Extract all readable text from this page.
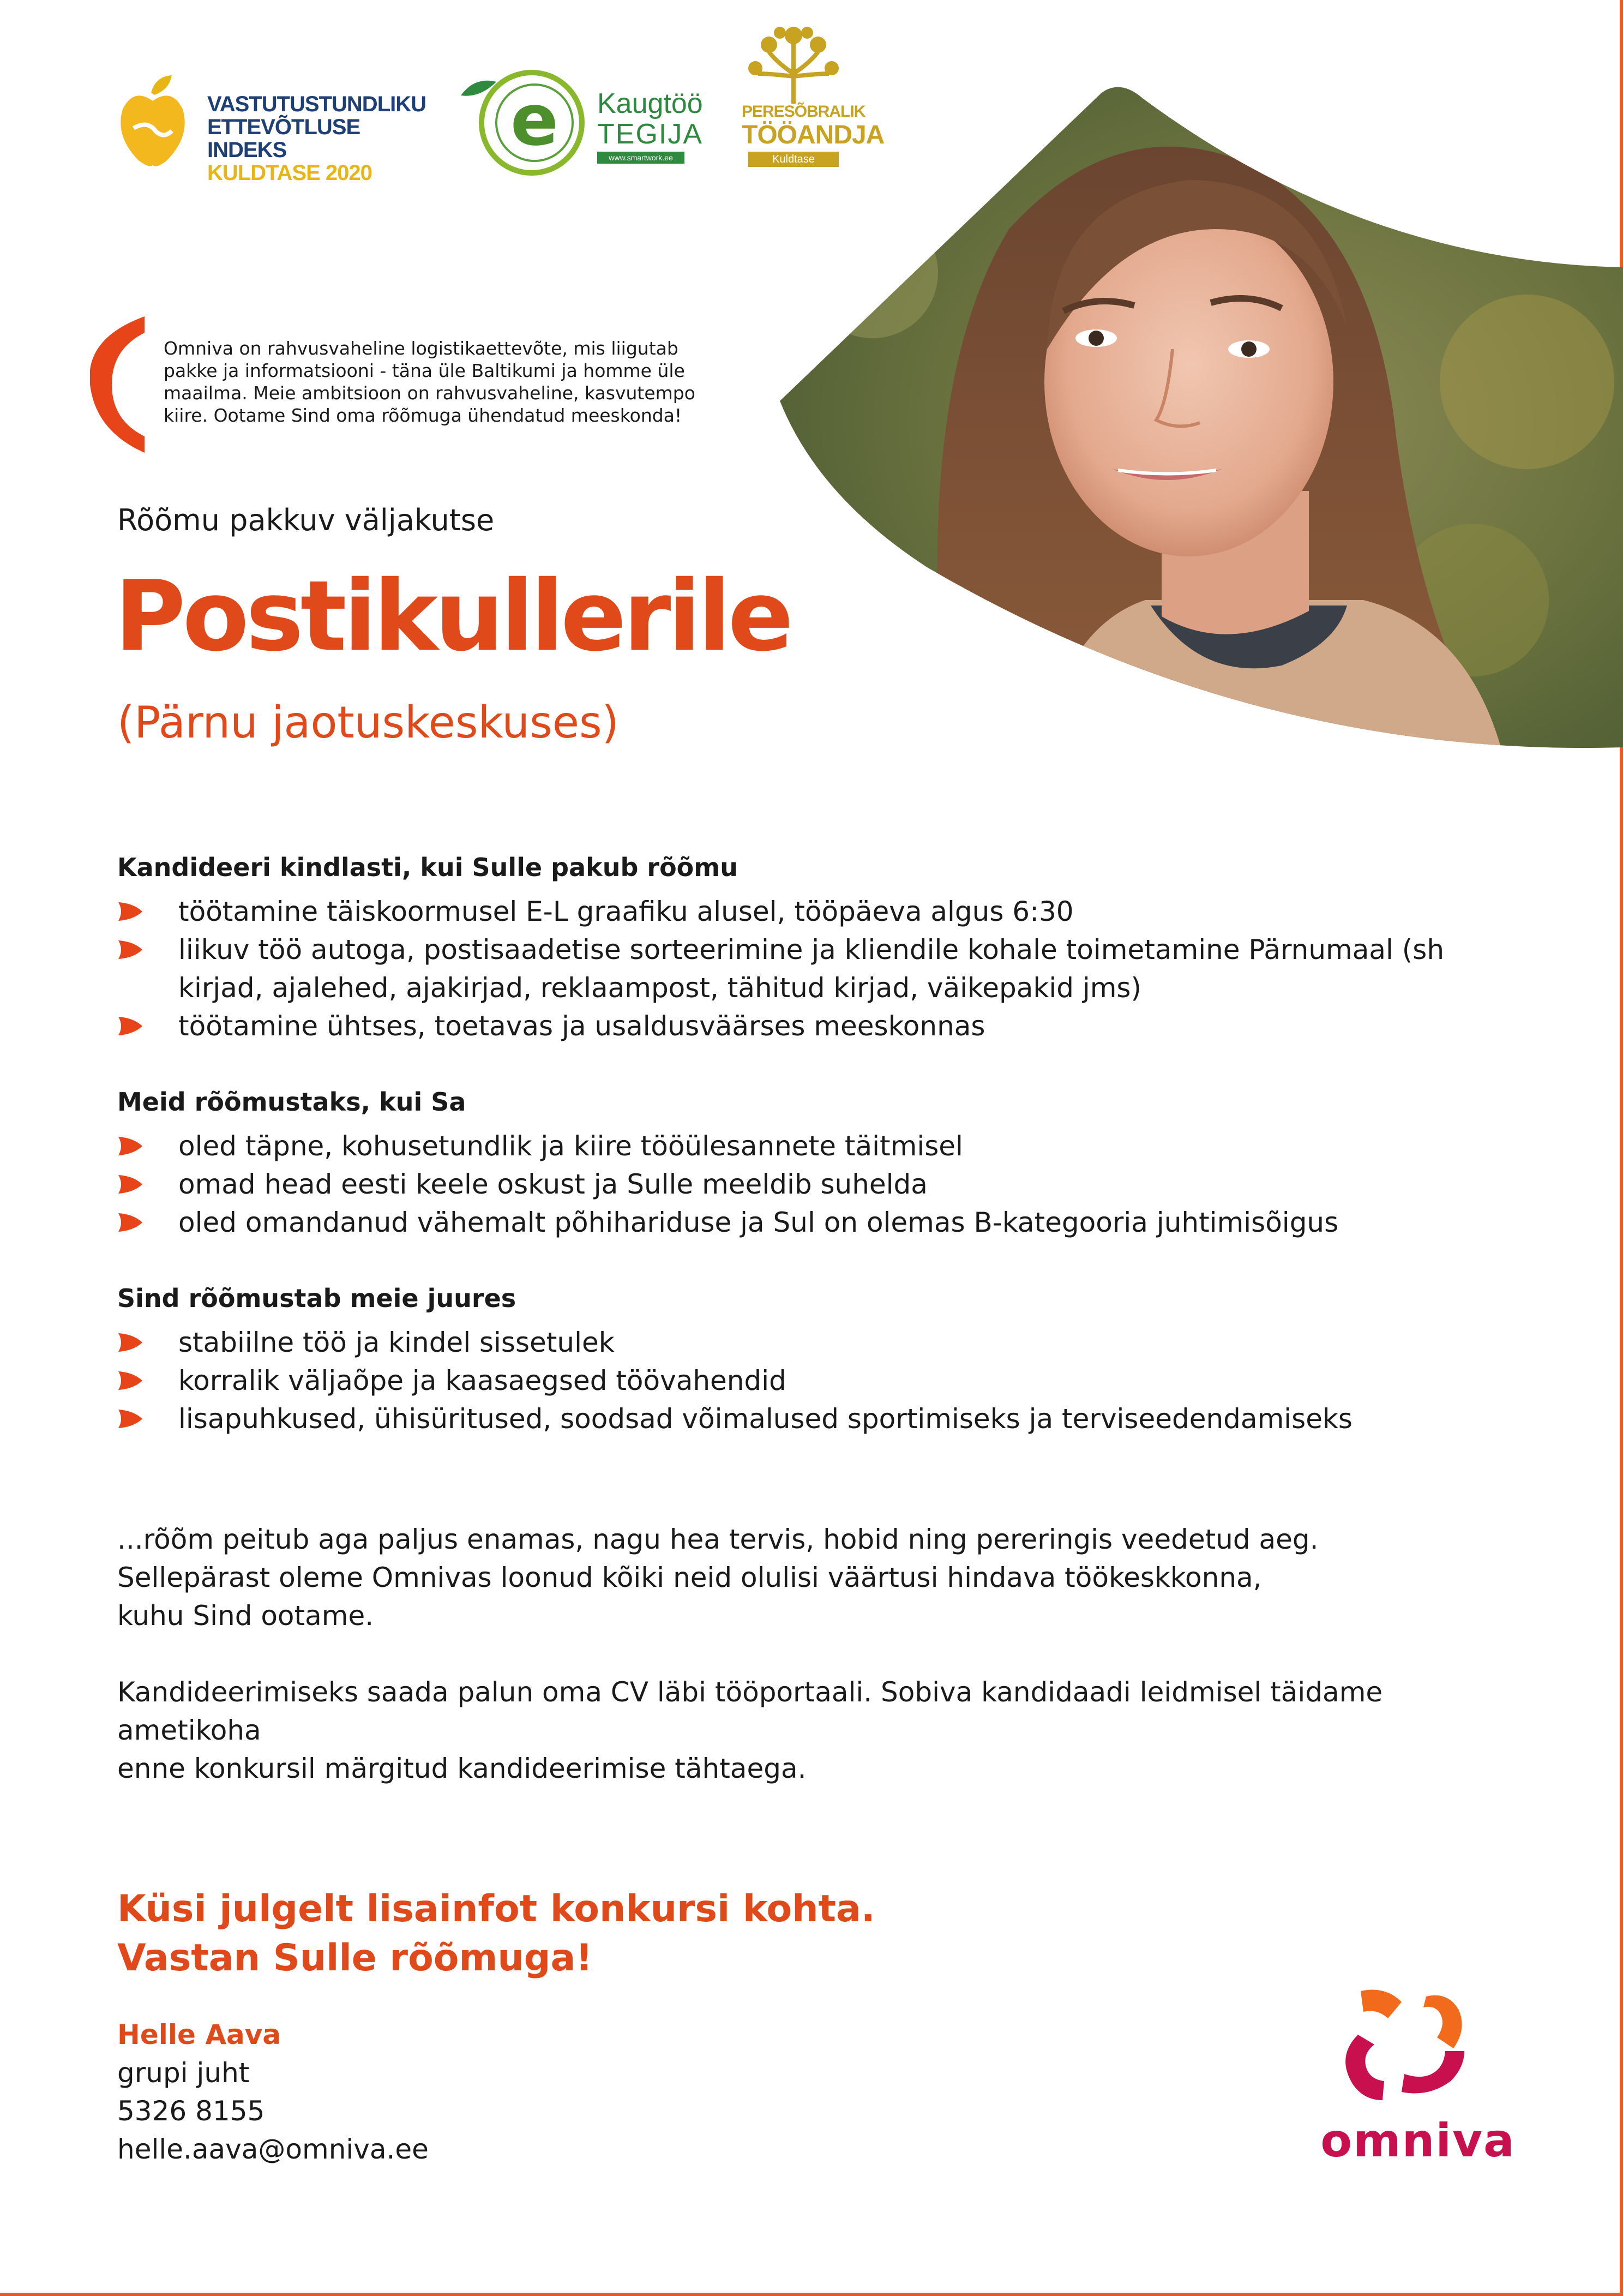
VASTUTUSTUNDLIKU
ETTEVÕTLUSE INDEKS
KULDTASE 2020
e Kaugtöö
TEGIJA
www.smartwork.ee
PERESÕBRALIK
TÖÖANDJA
Kuldtase
Omniva on rahvusvaheline logistikaettevõte, mis liigutab pakke ja informatsiooni - täna üle Baltikumi ja homme üle maailma. Meie ambitsioon on rahvusvaheline, kasvutempo kiire. Ootame Sind oma rõõmuga ühendatud meeskonda!
Rõõmu pakkuv väljakutse
Postikullerile
(Pärnu jaotuskeskuses)
Kandideeri kindlasti, kui Sulle pakub rõõmu
töötamine täiskoormusel E-L graafiku alusel, tööpäeva algus 6:30
liikuv töö autoga, postisaadetise sorteerimine ja kliendile kohale toimetamine Pärnumaal (sh kirjad, ajalehed, ajakirjad, reklaampost, tähitud kirjad, väikepakid jms)
töötamine ühtses, toetavas ja usaldusväärses meeskonnas
Meid rõõmustaks, kui Sa
oled täpne, kohusetundlik ja kiire tööülesannete täitmisel
omad head eesti keele oskust ja Sulle meeldib suhelda
oled omandanud vähemalt põhihariduse ja Sul on olemas B-kategooria juhtimisõigus
Sind rõõmustab meie juures
stabiilne töö ja kindel sissetulek
korralik väljaõpe ja kaasaegsed töövahendid
lisapuhkused, ühisüritused, soodsad võimalused sportimiseks ja terviseedendamiseks
...rõõm peitub aga paljus enamas, nagu hea tervis, hobid ning pereringis veedetud aeg.
Sellepärast oleme Omnivas loonud kõiki neid olulisi väärtusi hindava töökeskkonna,
kuhu Sind ootame.
Kandideerimiseks saada palun oma CV läbi tööportaali. Sobiva kandidaadi leidmisel täidame ametikoha
enne konkursil märgitud kandideerimise tähtaega.
Küsi julgelt lisainfot konkursi kohta.
Vastan Sulle rõõmuga!
Helle Aava
grupi juht
5326 8155
helle.aava@omniva.ee	omniva
